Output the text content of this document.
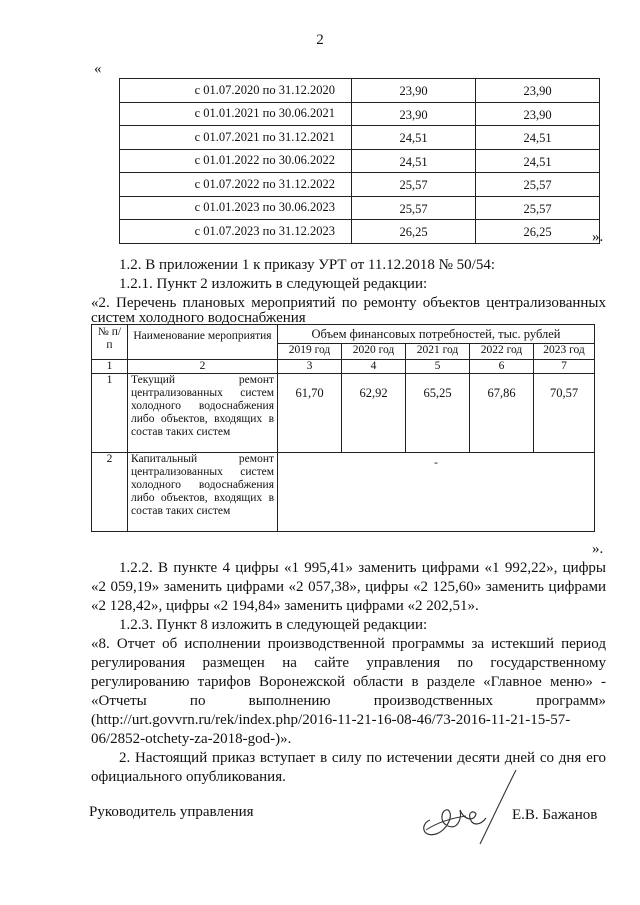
2
«
с 01.07.2020 по 31.12.2020	23,90	23,90
с 01.01.2021 по 30.06.2021	23,90	23,90
с 01.07.2021 по 31.12.2021	24,51	24,51
с 01.01.2022 по 30.06.2022	24,51	24,51
с 01.07.2022 по 31.12.2022	25,57	25,57
с 01.01.2023 по 30.06.2023	25,57	25,57
с 01.07.2023 по 31.12.2023	26,25	26,25	».
1.2. В приложении 1 к приказу УРТ от 11.12.2018 № 50/54:
1.2.1. Пункт 2 изложить в следующей редакции:
«2. Перечень плановых мероприятий по ремонту объектов централизованных
систем холодного водоснабжения
№ п/п	Наименование мероприятия	Объем финансовых потребностей, тыс. рублей				
		2019 год	2020 год	2021 год	2022 год	2023 год
1	2	3	4	5	6	7
1	Текущий ремонт централизованных систем холодного водоснабжения либо объектов, входящих в состав таких систем	61,70	62,92	65,25	67,86	70,57
2	Капитальный ремонт централизованных систем холодного водоснабжения либо объектов, входящих в состав таких систем	-				
».
1.2.2. В пункте 4 цифры «1 995,41» заменить цифрами «1 992,22», цифры
«2 059,19» заменить цифрами «2 057,38», цифры «2 125,60» заменить цифрами
«2 128,42», цифры «2 194,84» заменить цифрами «2 202,51».
1.2.3. Пункт 8 изложить в следующей редакции:
«8. Отчет об исполнении производственной программы за истекший период
регулирования размещен на сайте управления по государственному
регулированию тарифов Воронежской области в разделе «Главное меню» -
«Отчеты по выполнению производственных программ»
(http://urt.govvrn.ru/rek/index.php/2016-11-21-16-08-46/73-2016-11-21-15-57-
06/2852-otchety-za-2018-god-)».
2. Настоящий приказ вступает в силу по истечении десяти дней со дня его
официального опубликования.
Руководитель управления	Е.В. Бажанов
